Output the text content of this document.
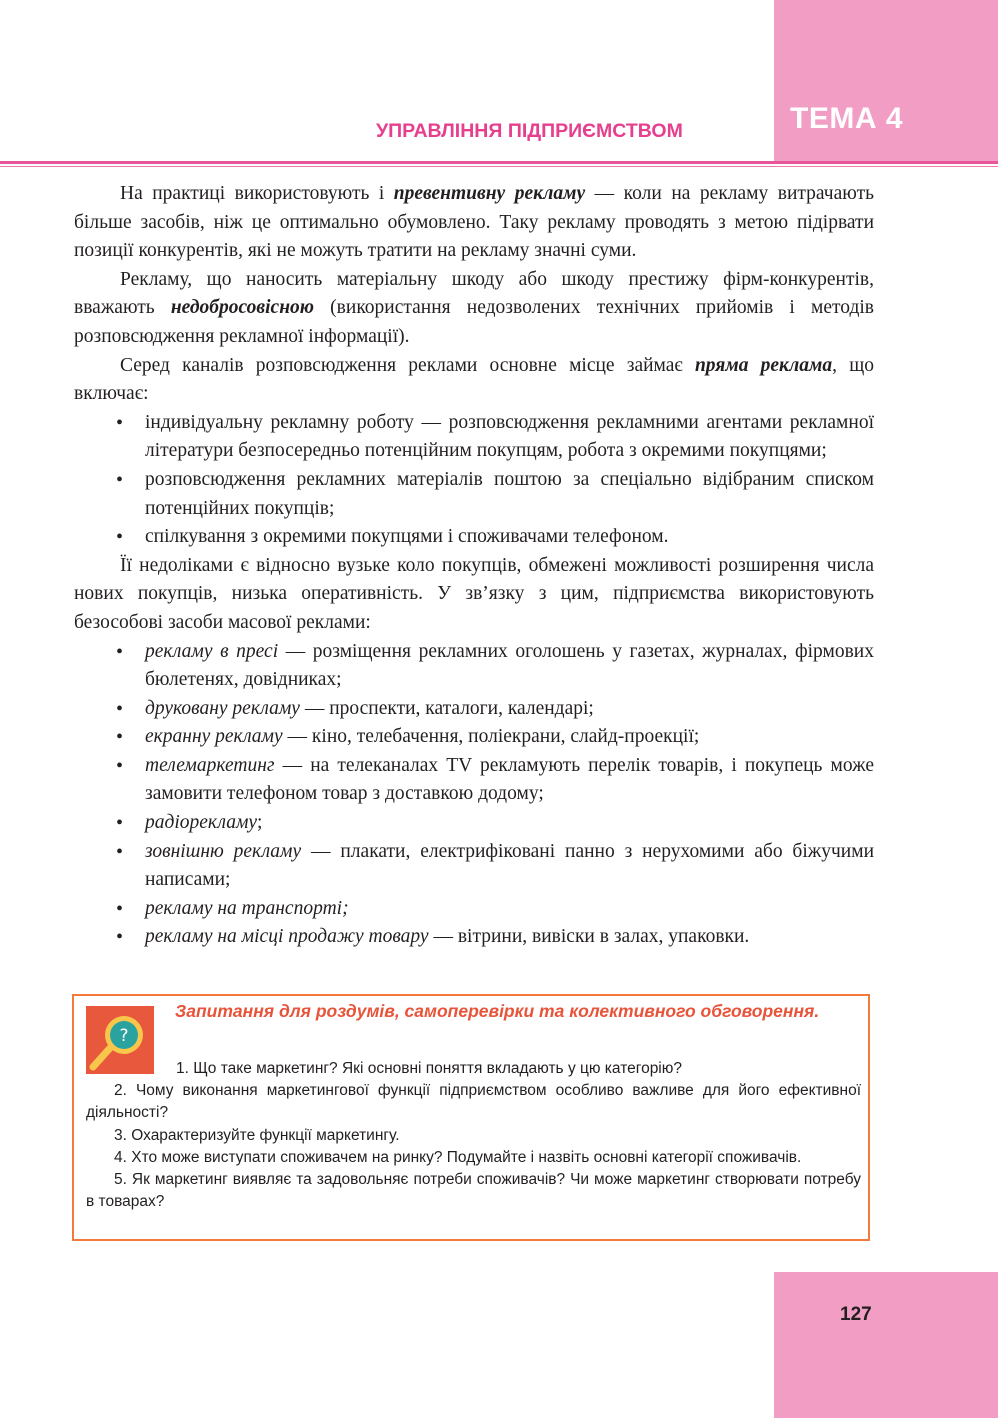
ТЕМА 4
УПРАВЛІННЯ ПІДПРИЄМСТВОМ

На практиці використовують і превентивну рекламу — коли на рекламу витрачають більше засобів, ніж це оптимально обумовлено. Таку рекламу проводять з метою підірвати позиції конкурентів, які не можуть тратити на рекламу значні суми.

Рекламу, що наносить матеріальну шкоду або шкоду престижу фірм-конкурентів, вважають недобросовісною (використання недозволених технічних прийомів і методів розповсюдження рекламної інформації).

Серед каналів розповсюдження реклами основне місце займає пряма реклама, що включає:

• індивідуальну рекламну роботу — розповсюдження рекламними агентами рекламної літератури безпосередньо потенційним покупцям, робота з окремими покупцями;
• розповсюдження рекламних матеріалів поштою за спеціально відібраним списком потенційних покупців;
• спілкування з окремими покупцями і споживачами телефоном.

Її недоліками є відносно вузьке коло покупців, обмежені можливості розширення числа нових покупців, низька оперативність. У зв’язку з цим, підприємства використовують безособові засоби масової реклами:

• рекламу в пресі — розміщення рекламних оголошень у газетах, журналах, фірмових бюлетенях, довідниках;
• друковану рекламу — проспекти, каталоги, календарі;
• екранну рекламу — кіно, телебачення, поліекрани, слайд-проекції;
• телемаркетинг — на телеканалах TV рекламують перелік товарів, і покупець може замовити телефоном товар з доставкою додому;
• радіорекламу;
• зовнішню рекламу — плакати, електрифіковані панно з нерухомими або біжучими написами;
• рекламу на транспорті;
• рекламу на місці продажу товару — вітрини, вивіски в залах, упаковки.
?
Запитання для роздумів, самоперевірки та колективного обговорення.

1. Що таке маркетинг? Які основні поняття вкладають у цю категорію?

2. Чому виконання маркетингової функції підприємством особливо важливе для його ефективної діяльності?

3. Охарактеризуйте функції маркетингу.

4. Хто може виступати споживачем на ринку? Подумайте і назвіть основні категорії споживачів.

5. Як маркетинг виявляє та задовольняє потреби споживачів? Чи може маркетинг створювати потребу в товарах?

127
